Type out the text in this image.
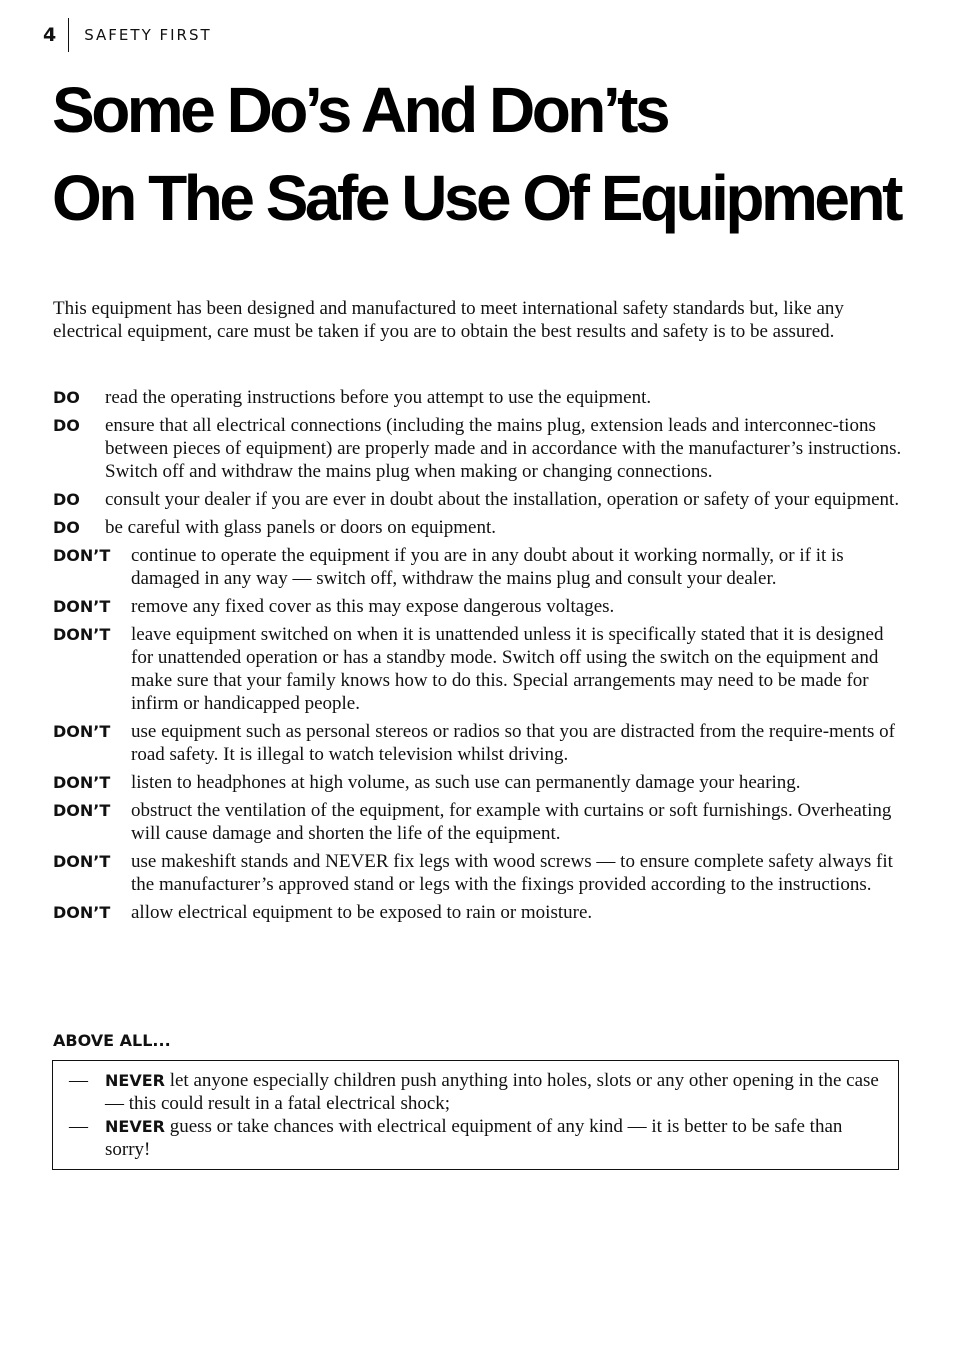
4	SAFETY FIRST
Some Do’s And Don’ts
On The Safe Use Of Equipment

This equipment has been designed and manufactured to meet international safety standards but, like any electrical equipment, care must be taken if you are to obtain the best results and safety is to be assured.

DO	read the operating instructions before you attempt to use the equipment.
DO	ensure that all electrical connections (including the mains plug, extension leads and interconnec-tions between pieces of equipment) are properly made and in accordance with the manufacturer’s instructions. Switch off and withdraw the mains plug when making or changing connections.
DO	consult your dealer if you are ever in doubt about the installation, operation or safety of your equipment.
DO	be careful with glass panels or doors on equipment.
DON’T	continue to operate the equipment if you are in any doubt about it working normally, or if it is damaged in any way — switch off, withdraw the mains plug and consult your dealer.
DON’T	remove any fixed cover as this may expose dangerous voltages.
DON’T	leave equipment switched on when it is unattended unless it is specifically stated that it is designed for unattended operation or has a standby mode. Switch off using the switch on the equipment and make sure that your family knows how to do this. Special arrangements may need to be made for infirm or handicapped people.
DON’T	use equipment such as personal stereos or radios so that you are distracted from the require-ments of road safety. It is illegal to watch television whilst driving.
DON’T	listen to headphones at high volume, as such use can permanently damage your hearing.
DON’T	obstruct the ventilation of the equipment, for example with curtains or soft furnishings. Overheating will cause damage and shorten the life of the equipment.
DON’T	use makeshift stands and NEVER fix legs with wood screws — to ensure complete safety always fit the manufacturer’s approved stand or legs with the fixings provided according to the instructions.
DON’T	allow electrical equipment to be exposed to rain or moisture.
ABOVE ALL...
—	NEVER let anyone especially children push anything into holes, slots or any other opening in the case — this could result in a fatal electrical shock;
—	NEVER guess or take chances with electrical equipment of any kind — it is better to be safe than sorry!
